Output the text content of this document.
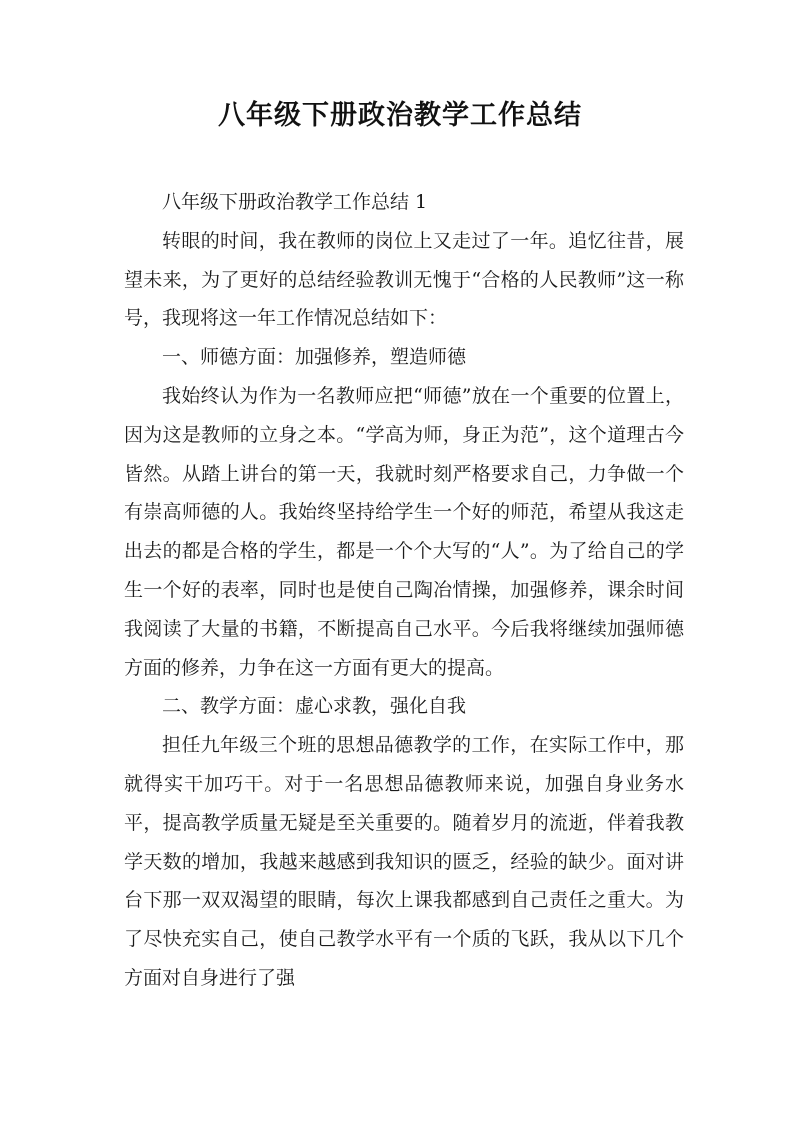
八年级下册政治教学工作总结

八年级下册政治教学工作总结 1

转眼的时间，我在教师的岗位上又走过了一年。追忆往昔，展望未来，为了更好的总结经验教训无愧于“合格的人民教师”这一称号，我现将这一年工作情况总结如下：

一、师德方面：加强修养，塑造师德

我始终认为作为一名教师应把“师德”放在一个重要的位置上，因为这是教师的立身之本。“学高为师，身正为范”，这个道理古今皆然。从踏上讲台的第一天，我就时刻严格要求自己，力争做一个有崇高师德的人。我始终坚持给学生一个好的师范，希望从我这走出去的都是合格的学生，都是一个个大写的“人”。为了给自己的学生一个好的表率，同时也是使自己陶冶情操，加强修养，课余时间我阅读了大量的书籍，不断提高自己水平。今后我将继续加强师德方面的修养，力争在这一方面有更大的提高。

二、教学方面：虚心求教，强化自我

担任九年级三个班的思想品德教学的工作，在实际工作中，那就得实干加巧干。对于一名思想品德教师来说，加强自身业务水平，提高教学质量无疑是至关重要的。随着岁月的流逝，伴着我教学天数的增加，我越来越感到我知识的匮乏，经验的缺少。面对讲台下那一双双渴望的眼睛，每次上课我都感到自己责任之重大。为了尽快充实自己，使自己教学水平有一个质的飞跃，我从以下几个方面对自身进行了强
